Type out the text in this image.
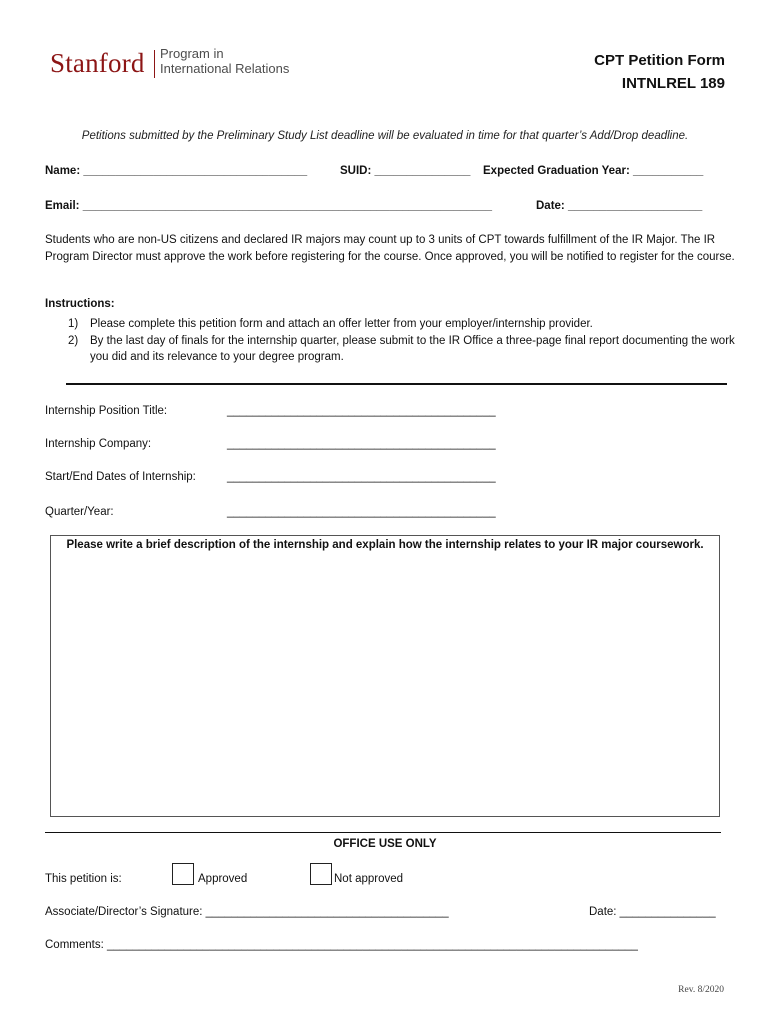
Stanford Program in
International Relations	CPT Petition Form
INTNLREL 189
Petitions submitted by the Preliminary Study List deadline will be evaluated in time for that quarter’s Add/Drop deadline.
Name: ___________________________________	SUID: _______________ Expected Graduation Year: ___________
Email: ________________________________________________________________	Date: _____________________
Students who are non-US citizens and declared IR majors may count up to 3 units of CPT towards fulfillment of the IR Major. The IR Program Director must approve the work before registering for the course. Once approved, you will be notified to register for the course.
Instructions:
1) Please complete this petition form and attach an offer letter from your employer/internship provider.
2) By the last day of finals for the internship quarter, please submit to the IR Office a three-page final report documenting the work you did and its relevance to your degree program.
Internship Position Title:	__________________________________________
Internship Company:	__________________________________________
Start/End Dates of Internship:	__________________________________________
Quarter/Year:	__________________________________________
Please write a brief description of the internship and explain how the internship relates to your IR major coursework.
OFFICE USE ONLY
This petition is:	Approved	Not approved
Associate/Director’s Signature: ______________________________________	Date: _______________
Comments: ___________________________________________________________________________________
Rev. 8/2020
